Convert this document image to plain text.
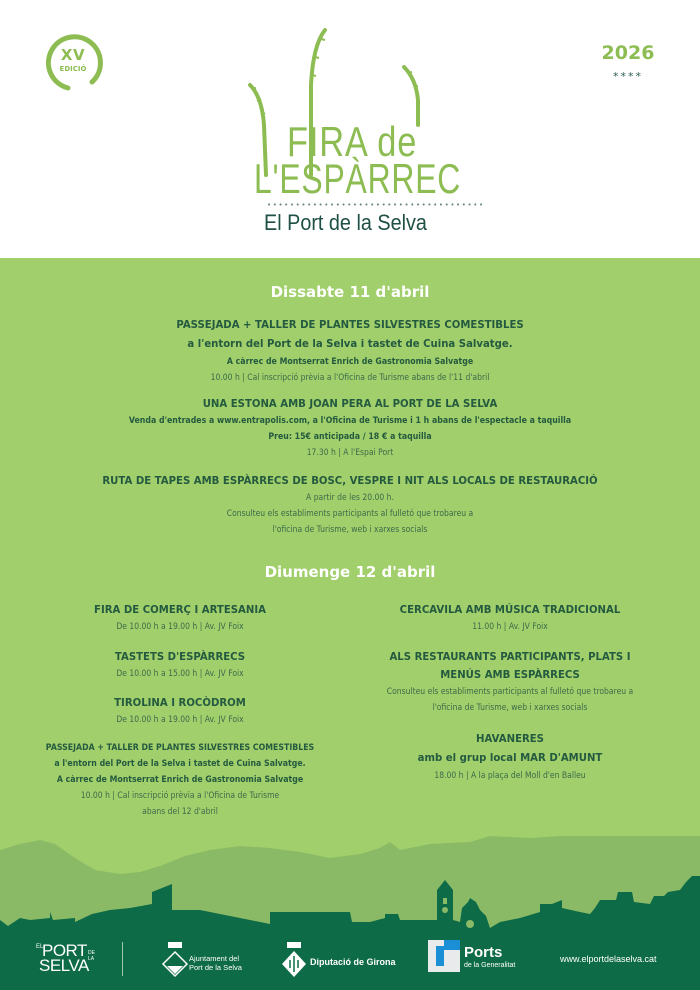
XV
EDICIÓ
2026
****
FIRA de
L'ESPÀRREC
••••••••••••••••••••••••••••••••••••••
El Port de la Selva
Dissabte 11 d'abril
PASSEJADA + TALLER DE PLANTES SILVESTRES COMESTIBLES
a l'entorn del Port de la Selva i tastet de Cuina Salvatge.
A càrrec de Montserrat Enrich de Gastronomia Salvatge
10.00 h | Cal inscripció prèvia a l'Oficina de Turisme abans de l'11 d'abril
UNA ESTONA AMB JOAN PERA AL PORT DE LA SELVA
Venda d'entrades a www.entrapolis.com, a l'Oficina de Turisme i 1 h abans de l'espectacle a taquilla
Preu: 15€ anticipada / 18 € a taquilla
17.30 h | A l'Espai Port
RUTA DE TAPES AMB ESPÀRRECS DE BOSC, VESPRE I NIT ALS LOCALS DE RESTAURACIÓ
A partir de les 20.00 h.
Consulteu els establiments participants al fulletó que trobareu a
l'oficina de Turisme, web i xarxes socials
Diumenge 12 d'abril
FIRA DE COMERÇ I ARTESANIA
De 10.00 h a 19.00 h | Av. JV Foix
TASTETS D'ESPÀRRECS
De 10.00 h a 15.00 h | Av. JV Foix
TIROLINA I ROCÒDROM
De 10.00 h a 19.00 h | Av. JV Foix
PASSEJADA + TALLER DE PLANTES SILVESTRES COMESTIBLES
a l'entorn del Port de la Selva i tastet de Cuina Salvatge.
A càrrec de Montserrat Enrich de Gastronomia Salvatge
10.00 h | Cal inscripció prèvia a l'Oficina de Turisme
abans del 12 d'abril
CERCAVILA AMB MÚSICA TRADICIONAL
11.00 h | Av. JV Foix
ALS RESTAURANTS PARTICIPANTS, PLATS I
MENÚS AMB ESPÀRRECS
Consulteu els establiments participants al fulletó que trobareu a
l'oficina de Turisme, web i xarxes socials
HAVANERES
amb el grup local MAR D'AMUNT
18.00 h | A la plaça del Moll d'en Balleu
EL
PORT
SELVA
DE
LA	Ajuntament del
Port de la Selva
Diputació de Girona
Ports
de la Generalitat
www.elportdelaselva.cat
